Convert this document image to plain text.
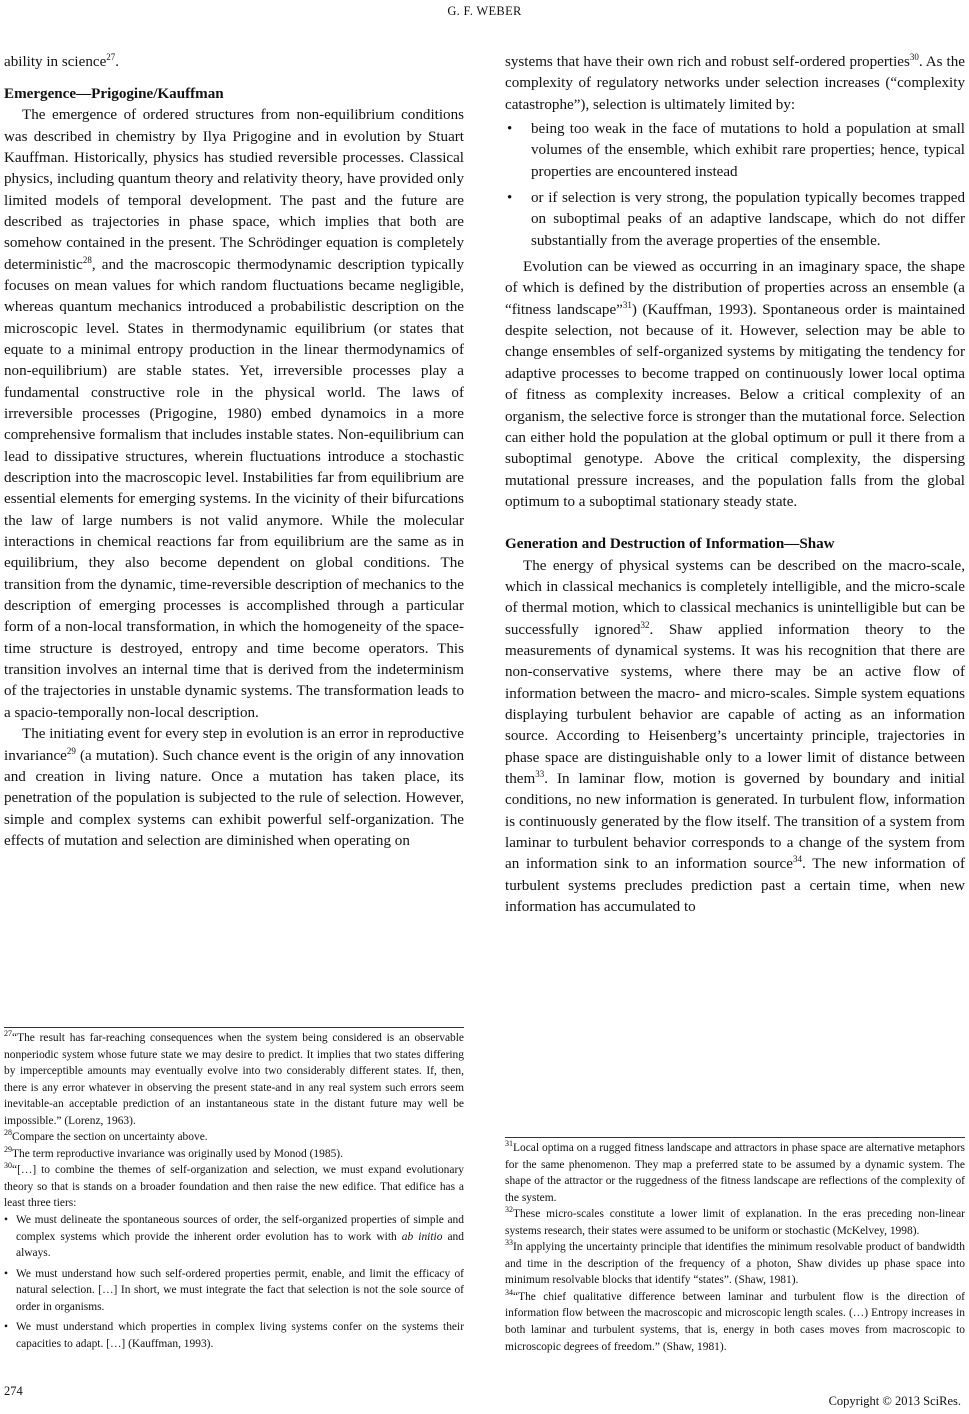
G. F. WEBER

ability in science$^{27}$.

Emergence—Prigogine/Kauffman

The emergence of ordered structures from non-equilibrium conditions was described in chemistry by Ilya Prigogine and in evolution by Stuart Kauffman. Historically, physics has studied reversible processes. Classical physics, including quantum theory and relativity theory, have provided only limited models of temporal development. The past and the future are described as trajectories in phase space, which implies that both are somehow contained in the present. The Schrödinger equation is completely deterministic$^{28}$, and the macroscopic thermodynamic description typically focuses on mean values for which random fluctuations became negligible, whereas quantum mechanics introduced a probabilistic description on the microscopic level. States in thermodynamic equilibrium (or states that equate to a minimal entropy production in the linear thermodynamics of non-equilibrium) are stable states. Yet, irreversible processes play a fundamental constructive role in the physical world. The laws of irreversible processes (Prigogine, 1980) embed dynamoics in a more comprehensive formalism that includes instable states. Non-equilibrium can lead to dissipative structures, wherein fluctuations introduce a stochastic description into the macroscopic level. Instabilities far from equilibrium are essential elements for emerging systems. In the vicinity of their bifurcations the law of large numbers is not valid anymore. While the molecular interactions in chemical reactions far from equilibrium are the same as in equilibrium, they also become dependent on global conditions. The transition from the dynamic, time-reversible description of mechanics to the description of emerging processes is accomplished through a particular form of a non-local transformation, in which the homogeneity of the space-time structure is destroyed, entropy and time become operators. This transition involves an internal time that is derived from the indeterminism of the trajectories in unstable dynamic systems. The transformation leads to a spacio-temporally non-local description.

The initiating event for every step in evolution is an error in reproductive invariance$^{29}$ (a mutation). Such chance event is the origin of any innovation and creation in living nature. Once a mutation has taken place, its penetration of the population is subjected to the rule of selection. However, simple and complex systems can exhibit powerful self-organization. The effects of mutation and selection are diminished when operating on

systems that have their own rich and robust self-ordered properties$^{30}$. As the complexity of regulatory networks under selection increases (“complexity catastrophe”), selection is ultimately limited by:

• being too weak in the face of mutations to hold a population at small volumes of the ensemble, which exhibit rare properties; hence, typical properties are encountered instead
• or if selection is very strong, the population typically becomes trapped on suboptimal peaks of an adaptive landscape, which do not differ substantially from the average properties of the ensemble.

Evolution can be viewed as occurring in an imaginary space, the shape of which is defined by the distribution of properties across an ensemble (a “fitness landscape”$^{31}$) (Kauffman, 1993). Spontaneous order is maintained despite selection, not because of it. However, selection may be able to change ensembles of self-organized systems by mitigating the tendency for adaptive processes to become trapped on continuously lower local optima of fitness as complexity increases. Below a critical complexity of an organism, the selective force is stronger than the mutational force. Selection can either hold the population at the global optimum or pull it there from a suboptimal genotype. Above the critical complexity, the dispersing mutational pressure increases, and the population falls from the global optimum to a suboptimal stationary steady state.

Generation and Destruction of Information—Shaw

The energy of physical systems can be described on the macro-scale, which in classical mechanics is completely intelligible, and the micro-scale of thermal motion, which to classical mechanics is unintelligible but can be successfully ignored$^{32}$. Shaw applied information theory to the measurements of dynamical systems. It was his recognition that there are non-conservative systems, where there may be an active flow of information between the macro- and micro-scales. Simple system equations displaying turbulent behavior are capable of acting as an information source. According to Heisenberg’s uncertainty principle, trajectories in phase space are distinguishable only to a lower limit of distance between them$^{33}$. In laminar flow, motion is governed by boundary and initial conditions, no new information is generated. In turbulent flow, information is continuously generated by the flow itself. The transition of a system from laminar to turbulent behavior corresponds to a change of the system from an information sink to an information source$^{34}$. The new information of turbulent systems precludes prediction past a certain time, when new information has accumulated to

$^{27}$“The result has far-reaching consequences when the system being considered is an observable nonperiodic system whose future state we may desire to predict. It implies that two states differing by imperceptible amounts may eventually evolve into two considerably different states. If, then, there is any error whatever in observing the present state-and in any real system such errors seem inevitable-an acceptable prediction of an instantaneous state in the distant future may well be impossible.” (Lorenz, 1963).

$^{28}$Compare the section on uncertainty above.

$^{29}$The term reproductive invariance was originally used by Monod (1985).

$^{30}$“[…] to combine the themes of self-organization and selection, we must expand evolutionary theory so that is stands on a broader foundation and then raise the new edifice. That edifice has a least three tiers:

• We must delineate the spontaneous sources of order, the self-organized properties of simple and complex systems which provide the inherent order evolution has to work with ab initio and always.
• We must understand how such self-ordered properties permit, enable, and limit the efficacy of natural selection. […] In short, we must integrate the fact that selection is not the sole source of order in organisms.
• We must understand which properties in complex living systems confer on the systems their capacities to adapt. […] (Kauffman, 1993).

$^{31}$Local optima on a rugged fitness landscape and attractors in phase space are alternative metaphors for the same phenomenon. They map a preferred state to be assumed by a dynamic system. The shape of the attractor or the ruggedness of the fitness landscape are reflections of the complexity of the system.

$^{32}$These micro-scales constitute a lower limit of explanation. In the eras preceding non-linear systems research, their states were assumed to be uniform or stochastic (McKelvey, 1998).

$^{33}$In applying the uncertainty principle that identifies the minimum resolvable product of bandwidth and time in the description of the frequency of a photon, Shaw divides up phase space into minimum resolvable blocks that identify “states”. (Shaw, 1981).

$^{34}$“The chief qualitative difference between laminar and turbulent flow is the direction of information flow between the macroscopic and microscopic length scales. (…) Entropy increases in both laminar and turbulent systems, that is, energy in both cases moves from macroscopic to microscopic degrees of freedom.” (Shaw, 1981).

274
Copyright © 2013 SciRes.
